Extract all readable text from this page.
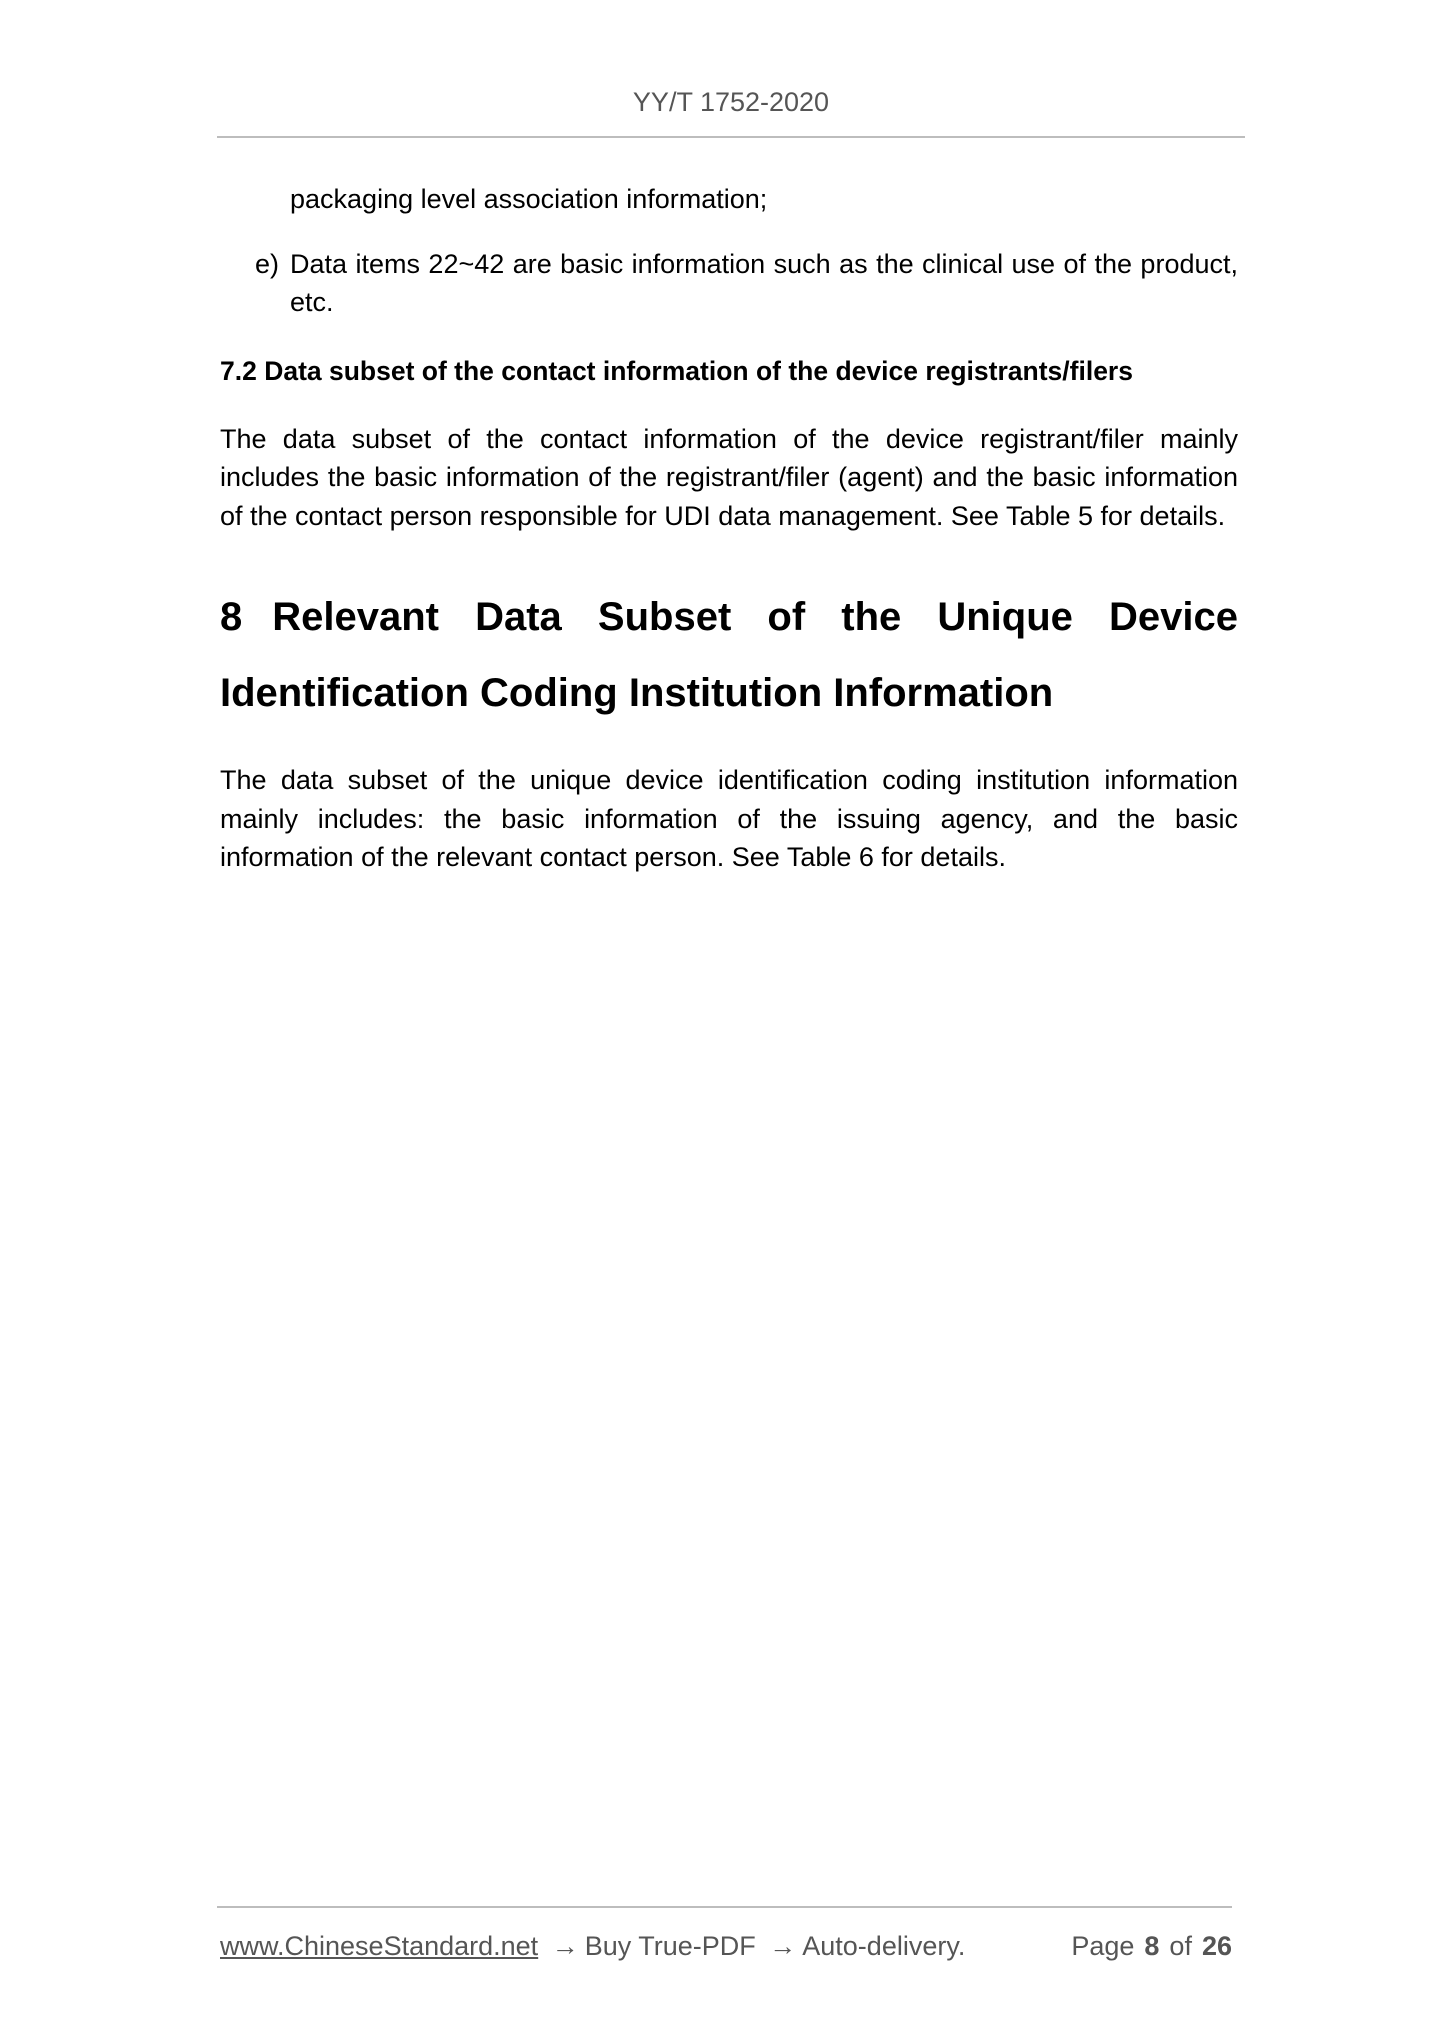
YY/T 1752-2020

packaging level association information;

e) Data items 22~42 are basic information such as the clinical use of the product, etc.
7.2 Data subset of the contact information of the device registrants/filers

The data subset of the contact information of the device registrant/filer mainly includes the basic information of the registrant/filer (agent) and the basic information of the contact person responsible for UDI data management. See Table 5 for details.

8 Relevant Data Subset of the Unique Device Identification Coding Institution Information

The data subset of the unique device identification coding institution information mainly includes: the basic information of the issuing agency, and the basic information of the relevant contact person. See Table 6 for details.

www.ChineseStandard.net → Buy True-PDF → Auto-delivery.	Page 8 of 26
